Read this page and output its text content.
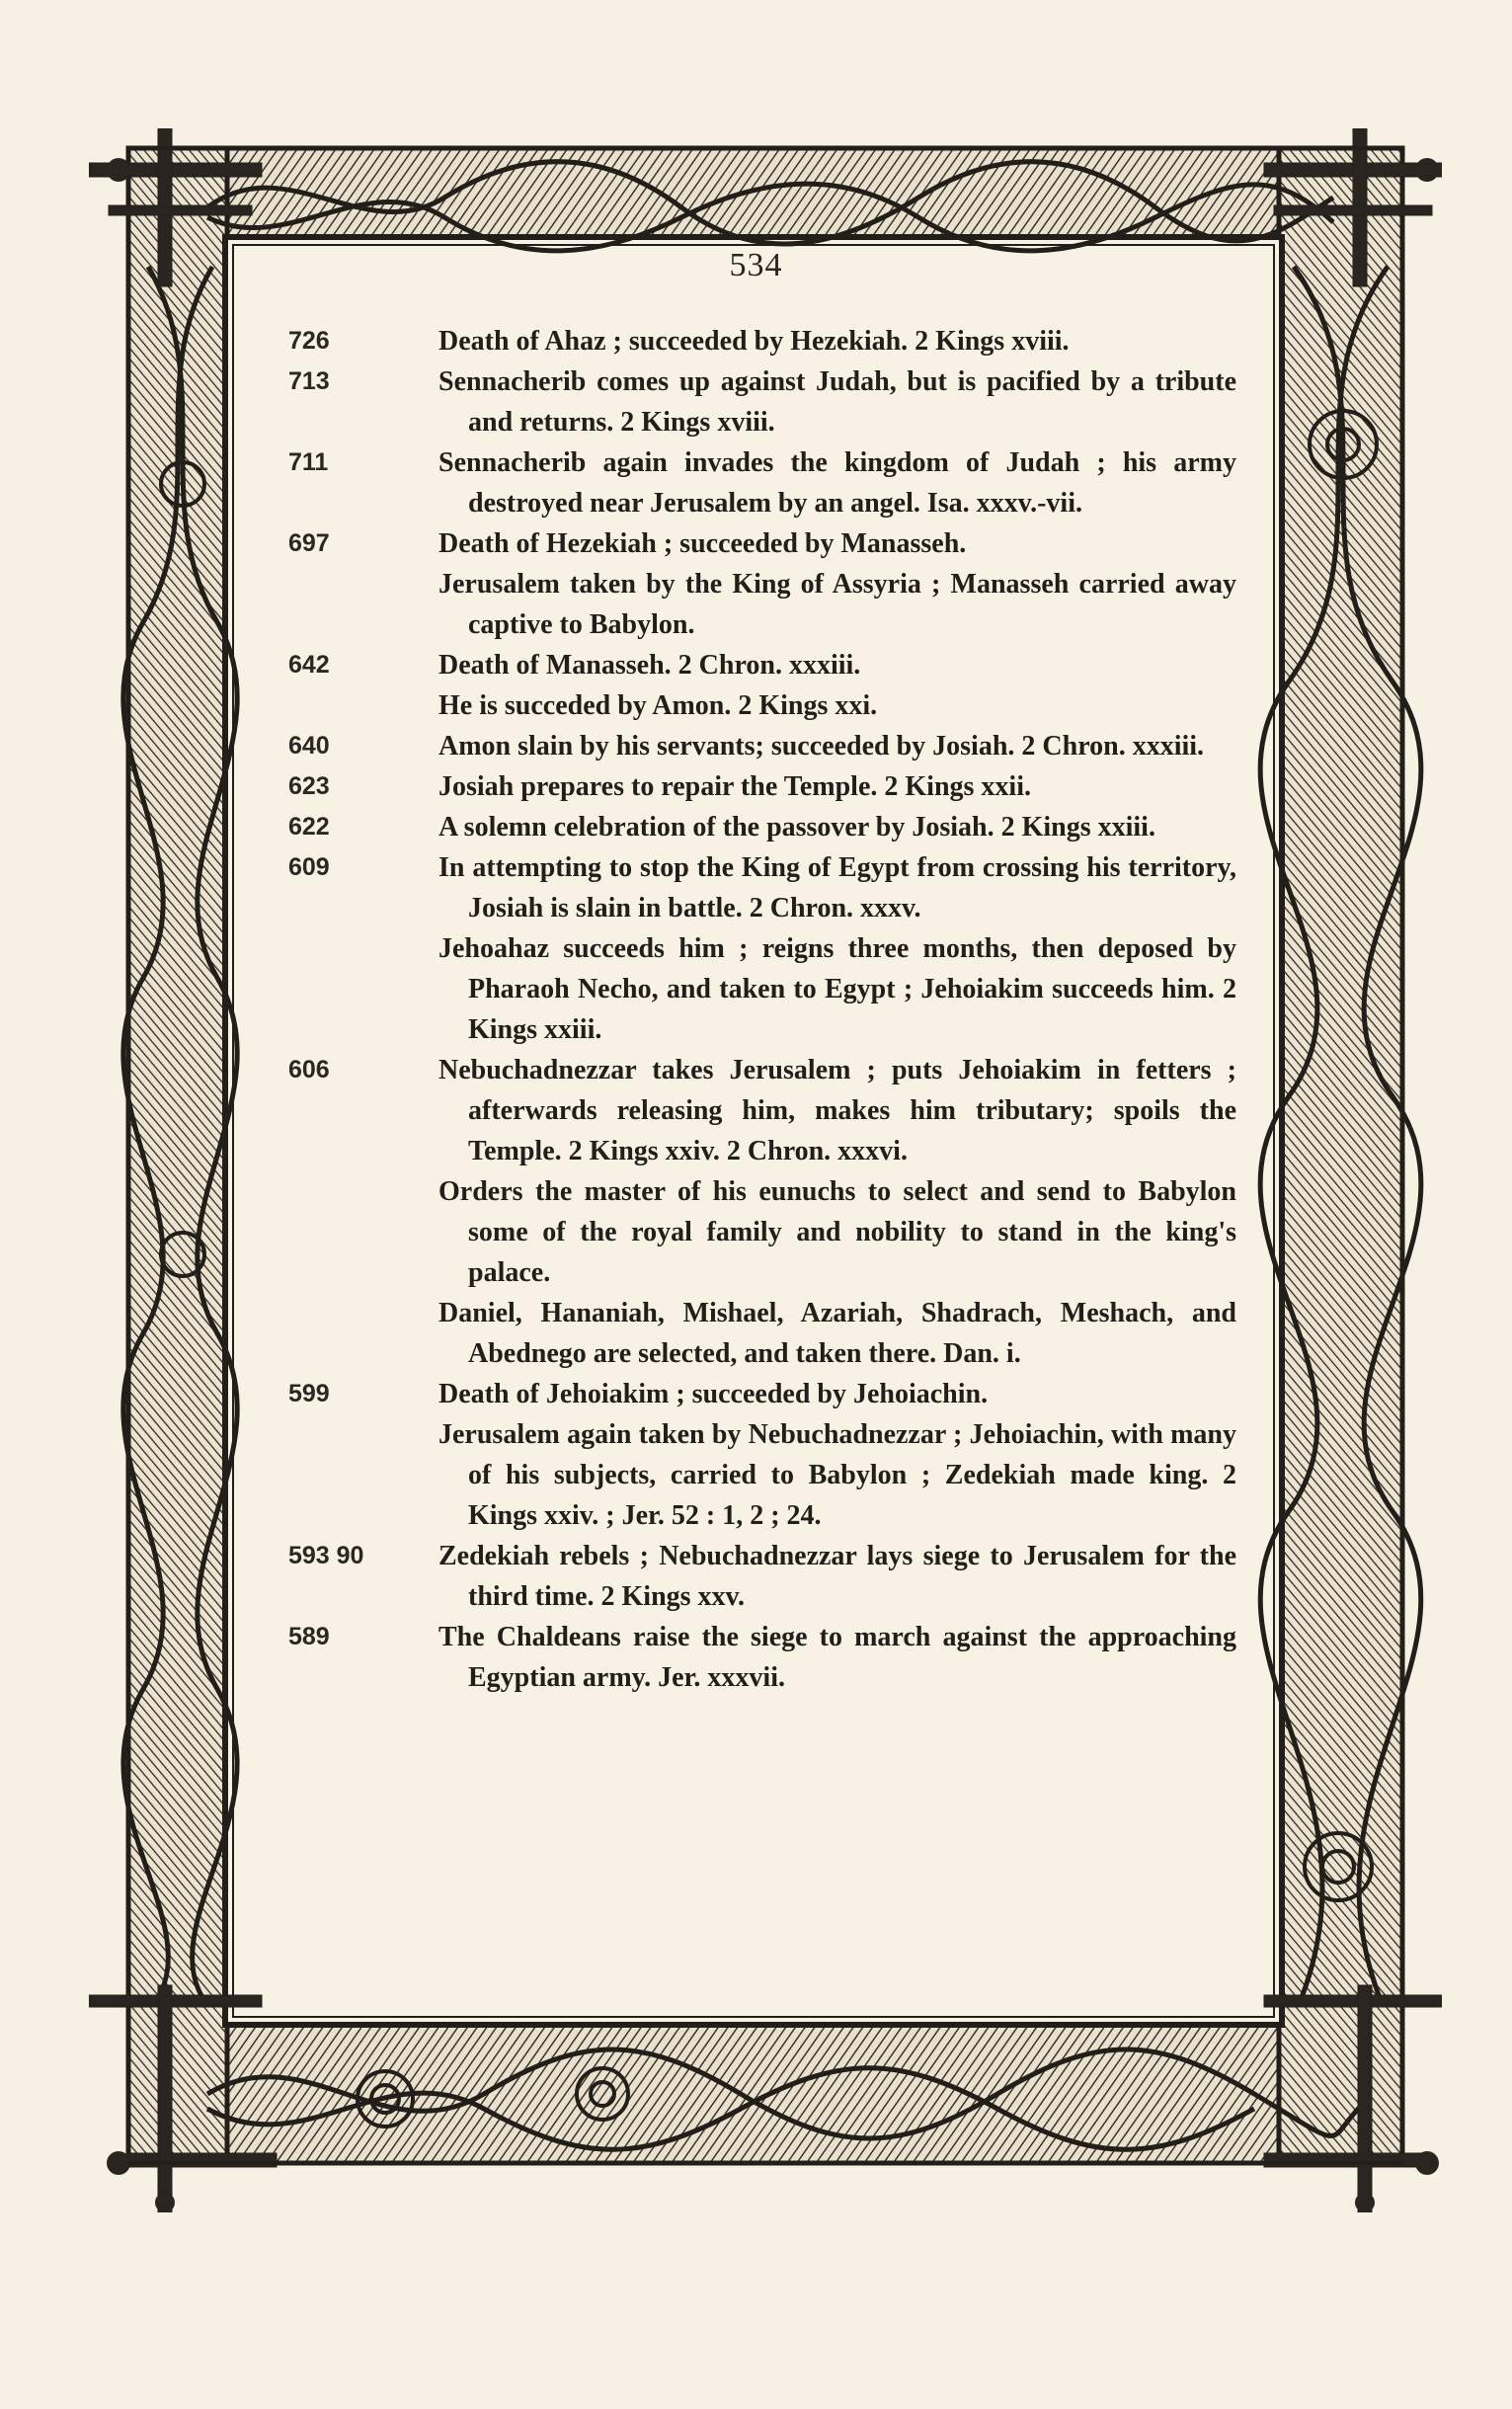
534
726	Death of Ahaz ; succeeded by Hezekiah. 2 Kings xviii.
713	Sennacherib comes up against Judah, but is pacified by a tribute and returns. 2 Kings xviii.
711	Sennacherib again invades the kingdom of Judah ; his army destroyed near Jerusalem by an angel. Isa. xxxv.-vii.
697	Death of Hezekiah ; succeeded by Manasseh.
Jerusalem taken by the King of Assyria ; Manasseh carried away captive to Babylon.
642	Death of Manasseh. 2 Chron. xxxiii.
He is succeded by Amon. 2 Kings xxi.
640	Amon slain by his servants; succeeded by Josiah. 2 Chron. xxxiii.
623	Josiah prepares to repair the Temple. 2 Kings xxii.
622	A solemn celebration of the passover by Josiah. 2 Kings xxiii.
609	In attempting to stop the King of Egypt from crossing his territory, Josiah is slain in battle. 2 Chron. xxxv.
Jehoahaz succeeds him ; reigns three months, then deposed by Pharaoh Necho, and taken to Egypt ; Jehoiakim succeeds him. 2 Kings xxiii.
606	Nebuchadnezzar takes Jerusalem ; puts Jehoiakim in fetters ; afterwards releasing him, makes him tributary; spoils the Temple. 2 Kings xxiv. 2 Chron. xxxvi.
Orders the master of his eunuchs to select and send to Babylon some of the royal family and nobility to stand in the king's palace.
Daniel, Hananiah, Mishael, Azariah, Shadrach, Meshach, and Abednego are selected, and taken there. Dan. i.
599	Death of Jehoiakim ; succeeded by Jehoiachin.
Jerusalem again taken by Nebuchadnezzar ; Jehoiachin, with many of his subjects, carried to Babylon ; Zedekiah made king. 2 Kings xxiv. ; Jer. 52 : 1, 2 ; 24.
593 90	Zedekiah rebels ; Nebuchadnezzar lays siege to Jerusalem for the third time. 2 Kings xxv.
589	The Chaldeans raise the siege to march against the approaching Egyptian army. Jer. xxxvii.
